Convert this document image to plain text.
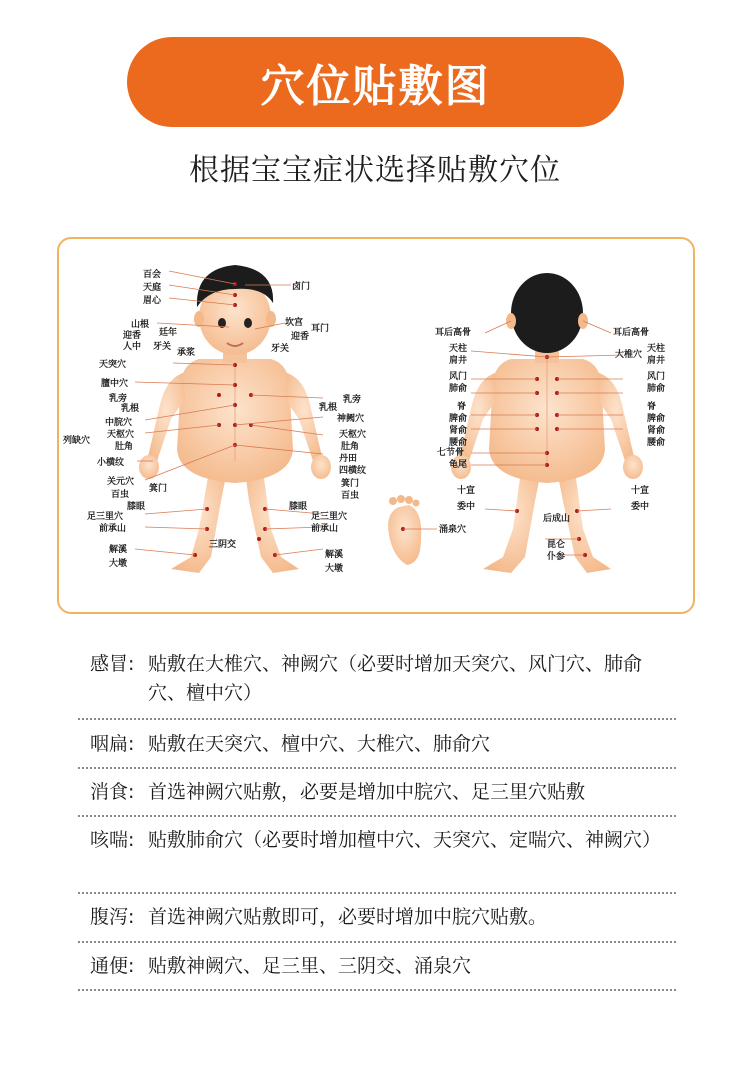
穴位贴敷图
根据宝宝症状选择贴敷穴位
百会
天庭
眉心
卤门
山根
廷年
迎香
人中 牙关
承浆
坎宫
耳门
迎香
牙关
天突穴
膻中穴
乳旁
乳根
中脘穴
天枢穴
肚角
列缺穴
小横纹
关元穴
百虫
箕门
膝眼
足三里穴
前承山
三阴交
解溪
大墩
乳旁
乳根
神阙穴
天枢穴
肚角
丹田
四横纹
箕门
百虫
膝眼
足三里穴
前承山
解溪
大墩
涌泉穴
耳后高骨
天柱
肩井
风门
肺俞
脊
脾俞
肾俞
腰俞
七节骨
龟尾
十宣
委中
后成山
昆仑
仆参
耳后高骨
大椎穴
天柱
肩井
风门
肺俞
脊
脾俞
肾俞
腰俞
十宣
委中
感冒: 贴敷在大椎穴、神阙穴（必要时增加天突穴、风门穴、肺俞穴、檀中穴）
咽扁: 贴敷在天突穴、檀中穴、大椎穴、肺俞穴
消食: 首选神阙穴贴敷，必要是增加中脘穴、足三里穴贴敷
咳喘: 贴敷肺俞穴（必要时增加檀中穴、天突穴、定喘穴、神阙穴）
腹泻: 首选神阙穴贴敷即可，必要时增加中脘穴贴敷。
通便: 贴敷神阙穴、足三里、三阴交、涌泉穴
